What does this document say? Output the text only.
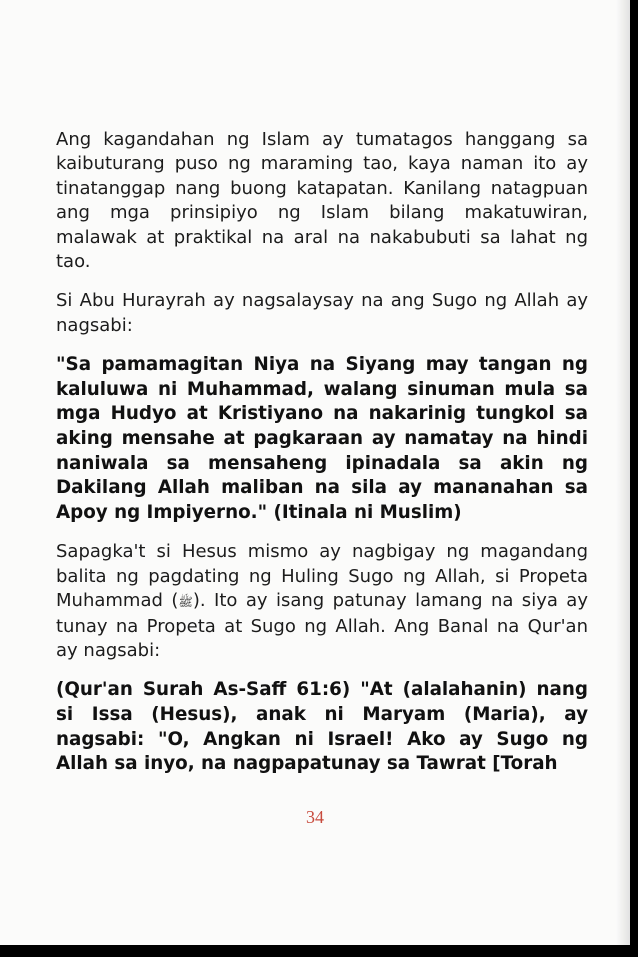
Ang kagandahan ng Islam ay tumatagos hanggang sa kaibuturang puso ng maraming tao, kaya naman ito ay tinatanggap nang buong katapatan. Kanilang natagpuan ang mga prinsipiyo ng Islam bilang makatuwiran, malawak at praktikal na aral na nakabubuti sa lahat ng tao.

Si Abu Hurayrah ay nagsalaysay na ang Sugo ng Allah ay nagsabi:

"Sa pamamagitan Niya na Siyang may tangan ng kaluluwa ni Muhammad, walang sinuman mula sa mga Hudyo at Kristiyano na nakarinig tungkol sa aking mensahe at pagkaraan ay namatay na hindi naniwala sa mensaheng ipinadala sa akin ng Dakilang Allah maliban na sila ay mananahan sa Apoy ng Impiyerno." (Itinala ni Muslim)

Sapagka't si Hesus mismo ay nagbigay ng magandang balita ng pagdating ng Huling Sugo ng Allah, si Propeta Muhammad (ﷺ). Ito ay isang patunay lamang na siya ay tunay na Propeta at Sugo ng Allah. Ang Banal na Qur'an ay nagsabi:

(Qur'an Surah As-Saff 61:6) "At (alalahanin) nang si Issa (Hesus), anak ni Maryam (Maria), ay nagsabi: "O, Angkan ni Israel! Ako ay Sugo ng Allah sa inyo, na nagpapatunay sa Tawrat [Torah

34
